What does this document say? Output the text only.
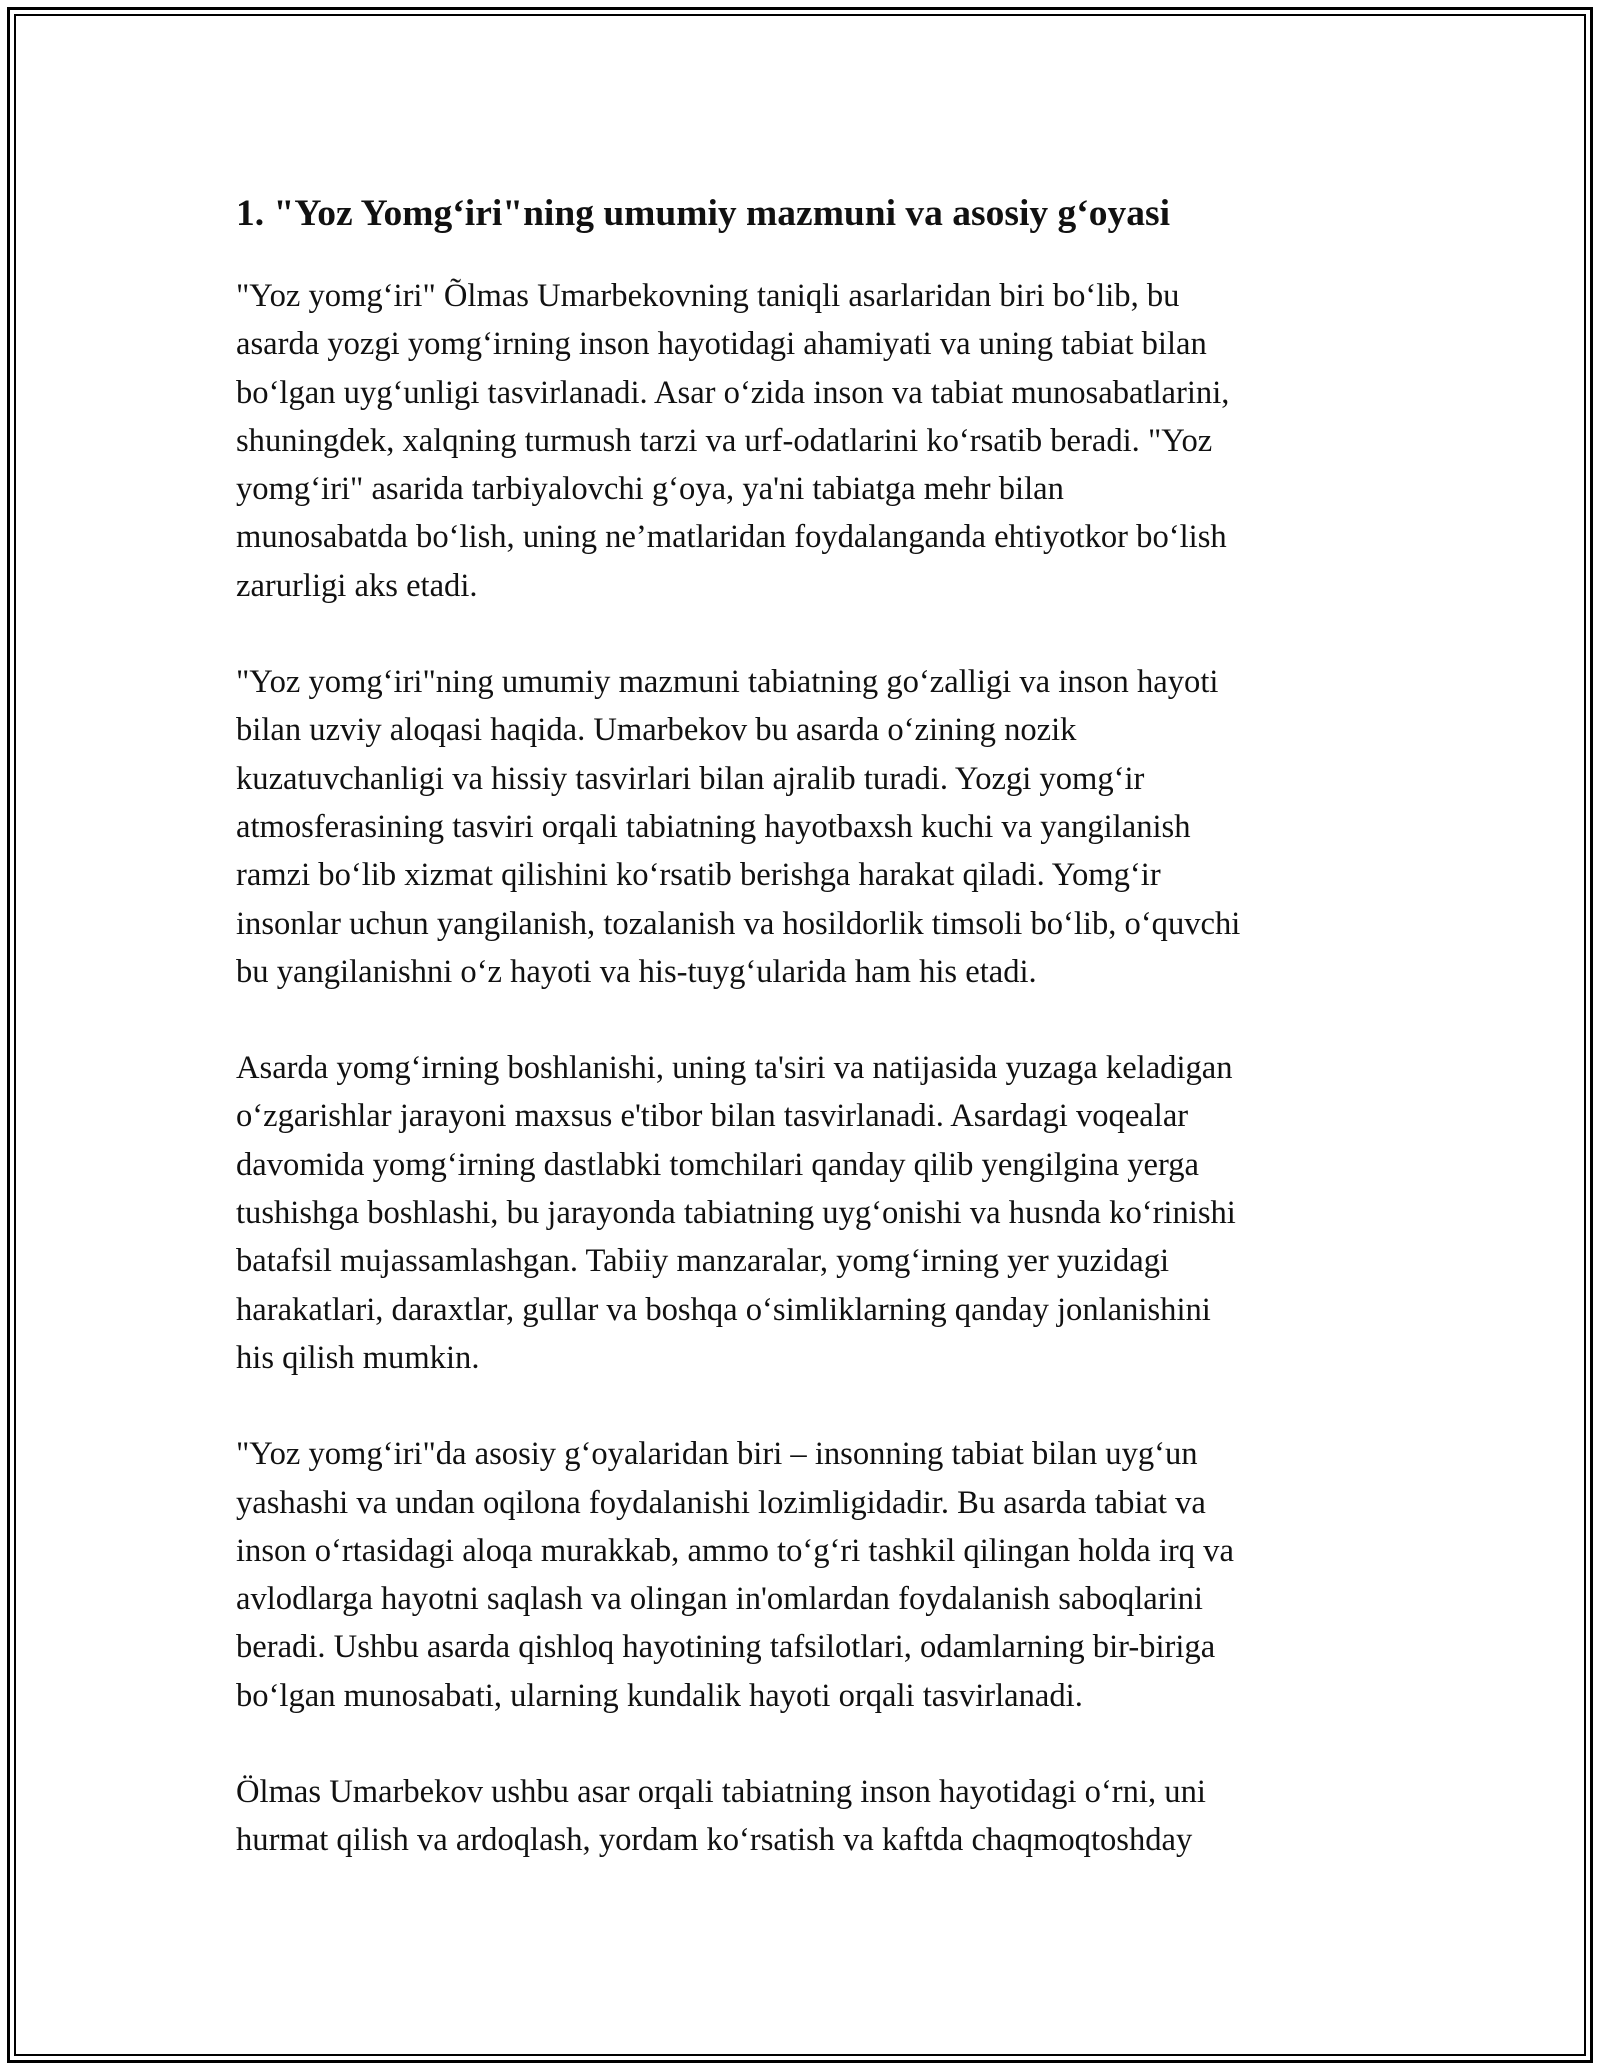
1. "Yoz Yomg‘iri"ning umumiy mazmuni va asosiy g‘oyasi

"Yoz yomg‘iri" Õlmas Umarbekovning taniqli asarlaridan biri bo‘lib, bu
asarda yozgi yomg‘irning inson hayotidagi ahamiyati va uning tabiat bilan
bo‘lgan uyg‘unligi tasvirlanadi. Asar o‘zida inson va tabiat munosabatlarini,
shuningdek, xalqning turmush tarzi va urf-odatlarini ko‘rsatib beradi. "Yoz
yomg‘iri" asarida tarbiyalovchi g‘oya, ya'ni tabiatga mehr bilan
munosabatda bo‘lish, uning ne’matlaridan foydalanganda ehtiyotkor bo‘lish
zarurligi aks etadi.

"Yoz yomg‘iri"ning umumiy mazmuni tabiatning go‘zalligi va inson hayoti
bilan uzviy aloqasi haqida. Umarbekov bu asarda o‘zining nozik
kuzatuvchanligi va hissiy tasvirlari bilan ajralib turadi. Yozgi yomg‘ir
atmosferasining tasviri orqali tabiatning hayotbaxsh kuchi va yangilanish
ramzi bo‘lib xizmat qilishini ko‘rsatib berishga harakat qiladi. Yomg‘ir
insonlar uchun yangilanish, tozalanish va hosildorlik timsoli bo‘lib, o‘quvchi
bu yangilanishni o‘z hayoti va his-tuyg‘ularida ham his etadi.

Asarda yomg‘irning boshlanishi, uning ta'siri va natijasida yuzaga keladigan
o‘zgarishlar jarayoni maxsus e'tibor bilan tasvirlanadi. Asardagi voqealar
davomida yomg‘irning dastlabki tomchilari qanday qilib yengilgina yerga
tushishga boshlashi, bu jarayonda tabiatning uyg‘onishi va husnda ko‘rinishi
batafsil mujassamlashgan. Tabiiy manzaralar, yomg‘irning yer yuzidagi
harakatlari, daraxtlar, gullar va boshqa o‘simliklarning qanday jonlanishini
his qilish mumkin.

"Yoz yomg‘iri"da asosiy g‘oyalaridan biri – insonning tabiat bilan uyg‘un
yashashi va undan oqilona foydalanishi lozimligidadir. Bu asarda tabiat va
inson o‘rtasidagi aloqa murakkab, ammo to‘g‘ri tashkil qilingan holda irq va
avlodlarga hayotni saqlash va olingan in'omlardan foydalanish saboqlarini
beradi. Ushbu asarda qishloq hayotining tafsilotlari, odamlarning bir-biriga
bo‘lgan munosabati, ularning kundalik hayoti orqali tasvirlanadi.

Ölmas Umarbekov ushbu asar orqali tabiatning inson hayotidagi o‘rni, uni
hurmat qilish va ardoqlash, yordam ko‘rsatish va kaftda chaqmoqtoshday
